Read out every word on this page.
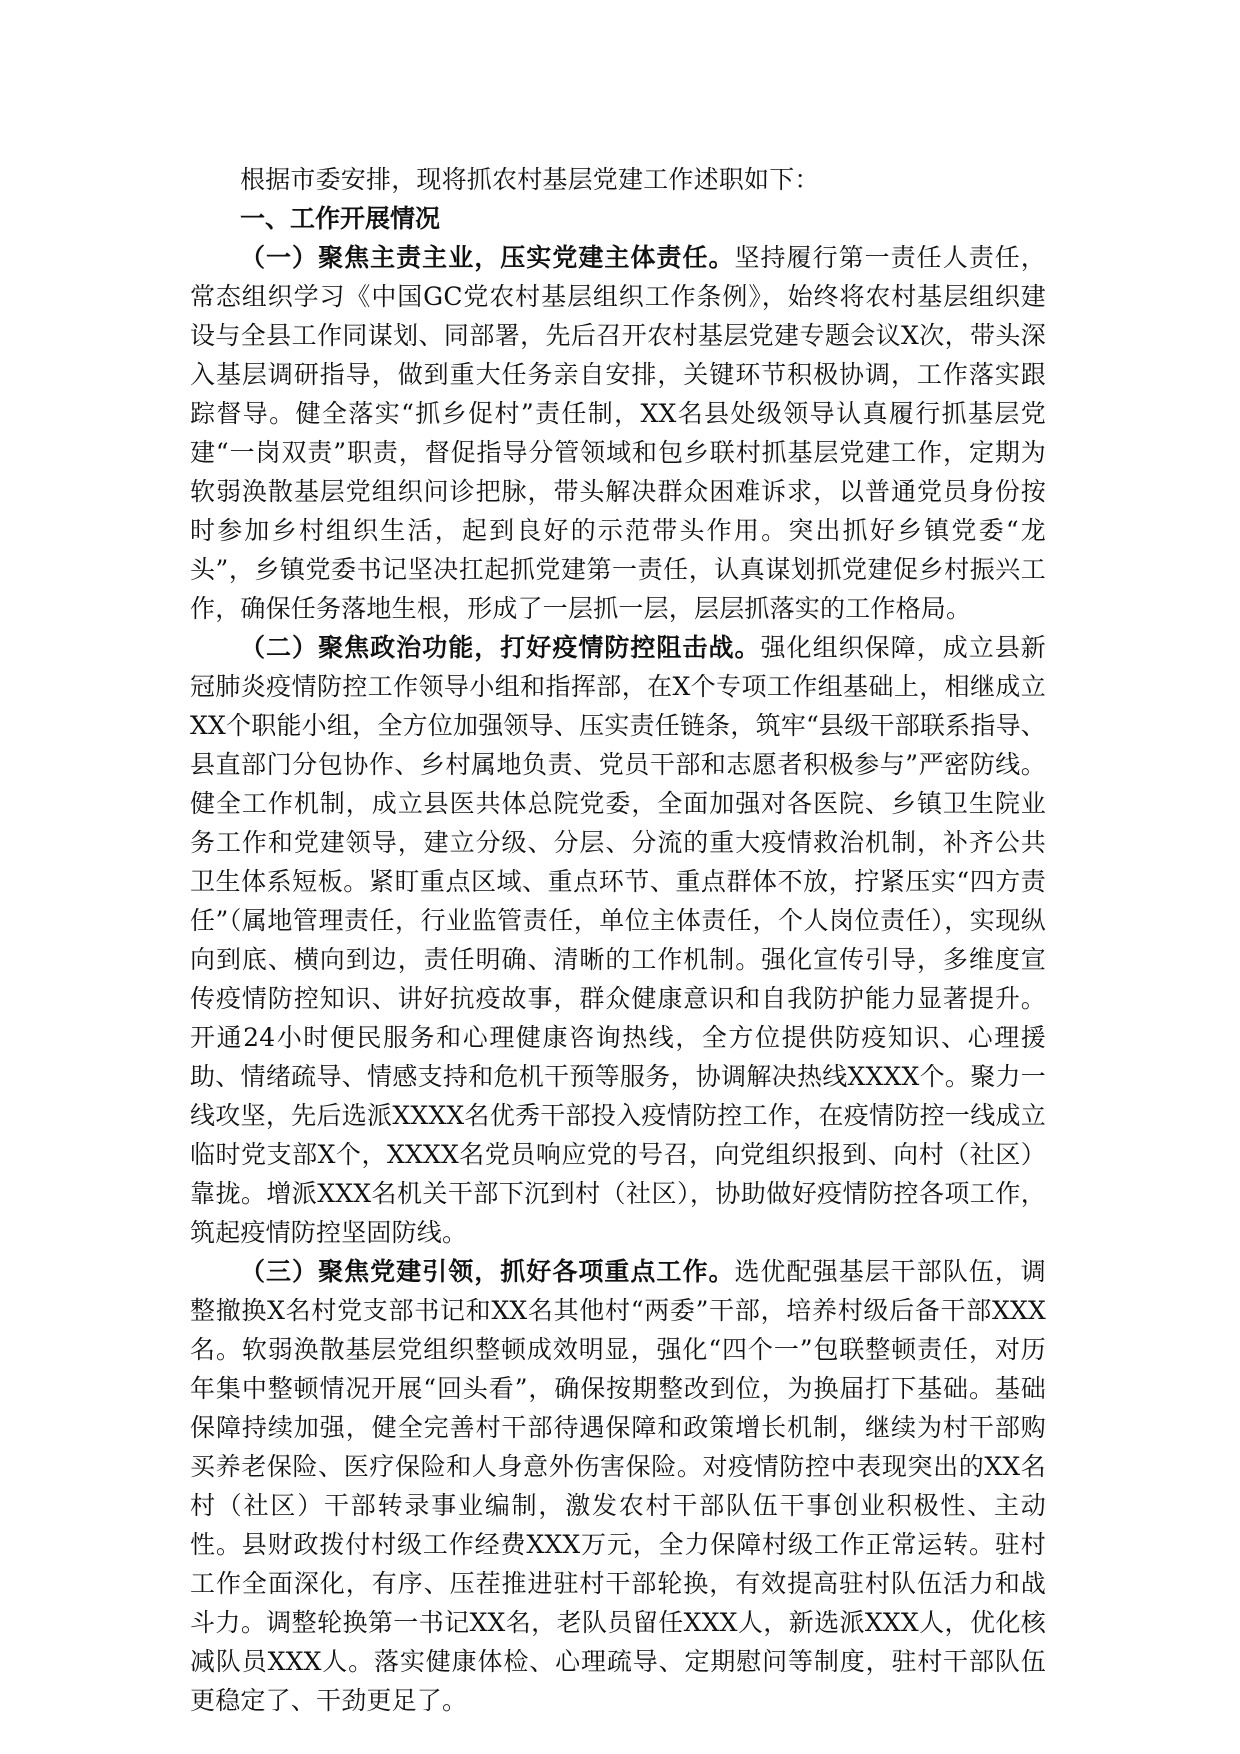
根据市委安排，现将抓农村基层党建工作述职如下：

一、工作开展情况

（一）聚焦主责主业，压实党建主体责任。坚持履行第一责任人责任，常态组织学习《中国GC党农村基层组织工作条例》，始终将农村基层组织建设与全县工作同谋划、同部署，先后召开农村基层党建专题会议X次，带头深入基层调研指导，做到重大任务亲自安排，关键环节积极协调，工作落实跟踪督导。健全落实“抓乡促村”责任制，XX名县处级领导认真履行抓基层党建“一岗双责”职责，督促指导分管领域和包乡联村抓基层党建工作，定期为软弱涣散基层党组织问诊把脉，带头解决群众困难诉求，以普通党员身份按时参加乡村组织生活，起到良好的示范带头作用。突出抓好乡镇党委“龙头”，乡镇党委书记坚决扛起抓党建第一责任，认真谋划抓党建促乡村振兴工作，确保任务落地生根，形成了一层抓一层，层层抓落实的工作格局。

（二）聚焦政治功能，打好疫情防控阻击战。强化组织保障，成立县新冠肺炎疫情防控工作领导小组和指挥部，在X个专项工作组基础上，相继成立XX个职能小组，全方位加强领导、压实责任链条，筑牢“县级干部联系指导、县直部门分包协作、乡村属地负责、党员干部和志愿者积极参与”严密防线。健全工作机制，成立县医共体总院党委，全面加强对各医院、乡镇卫生院业务工作和党建领导，建立分级、分层、分流的重大疫情救治机制，补齐公共卫生体系短板。紧盯重点区域、重点环节、重点群体不放，拧紧压实“四方责任”（属地管理责任，行业监管责任，单位主体责任，个人岗位责任），实现纵向到底、横向到边，责任明确、清晰的工作机制。强化宣传引导，多维度宣传疫情防控知识、讲好抗疫故事，群众健康意识和自我防护能力显著提升。开通24小时便民服务和心理健康咨询热线，全方位提供防疫知识、心理援助、情绪疏导、情感支持和危机干预等服务，协调解决热线XXXX个。聚力一线攻坚，先后选派XXXX名优秀干部投入疫情防控工作，在疫情防控一线成立临时党支部X个，XXXX名党员响应党的号召，向党组织报到、向村（社区）靠拢。增派XXX名机关干部下沉到村（社区），协助做好疫情防控各项工作，筑起疫情防控坚固防线。

（三）聚焦党建引领，抓好各项重点工作。选优配强基层干部队伍，调整撤换X名村党支部书记和XX名其他村“两委”干部，培养村级后备干部XXX名。软弱涣散基层党组织整顿成效明显，强化“四个一”包联整顿责任，对历年集中整顿情况开展“回头看”，确保按期整改到位，为换届打下基础。基础保障持续加强，健全完善村干部待遇保障和政策增长机制，继续为村干部购买养老保险、医疗保险和人身意外伤害保险。对疫情防控中表现突出的XX名村（社区）干部转录事业编制，激发农村干部队伍干事创业积极性、主动性。县财政拨付村级工作经费XXX万元，全力保障村级工作正常运转。驻村工作全面深化，有序、压茬推进驻村干部轮换，有效提高驻村队伍活力和战斗力。调整轮换第一书记XX名，老队员留任XXX人，新选派XXX人，优化核减队员XXX人。落实健康体检、心理疏导、定期慰问等制度，驻村干部队伍更稳定了、干劲更足了。
